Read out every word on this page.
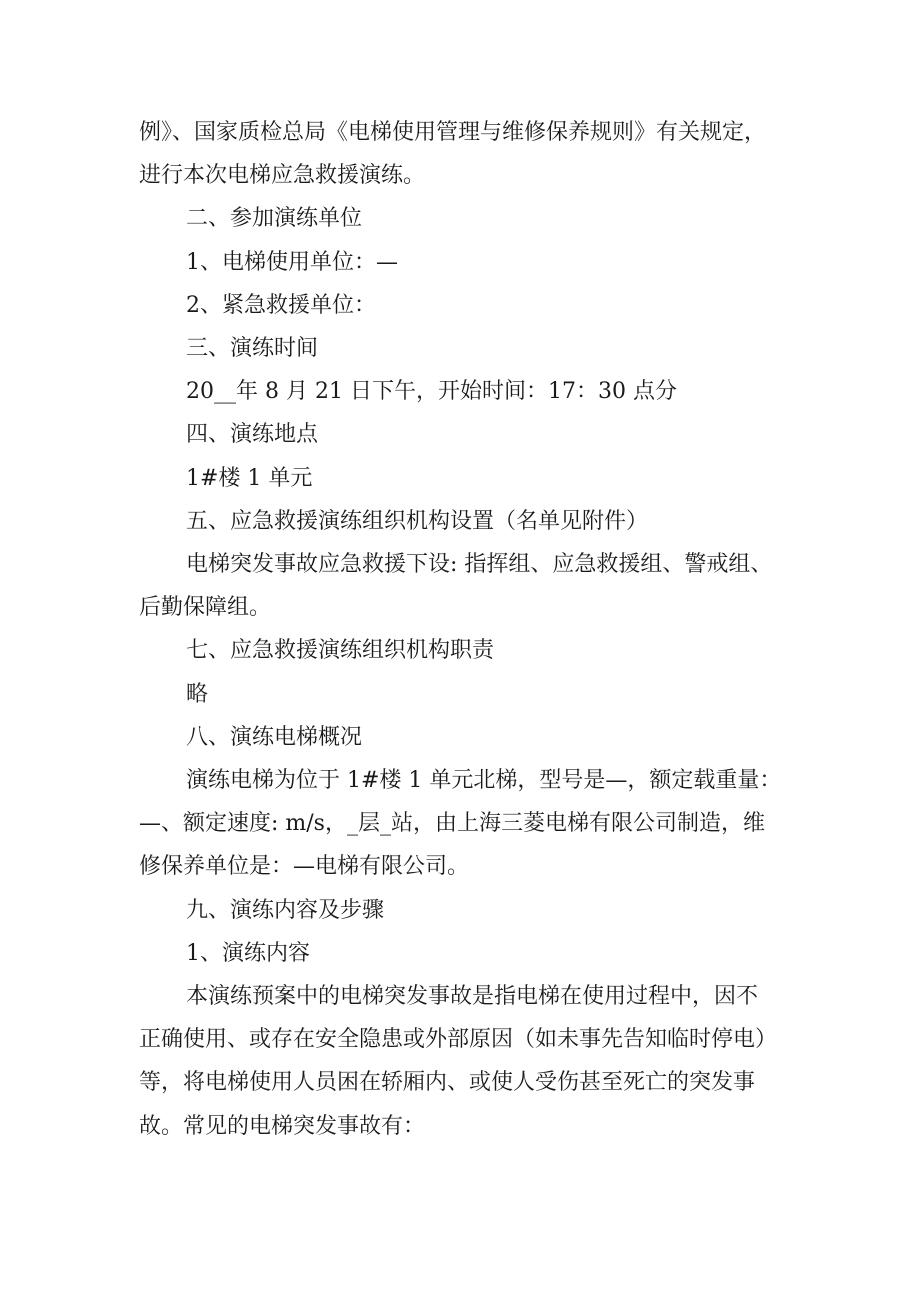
例》、国家质检总局《电梯使用管理与维修保养规则》有关规定，
进行本次电梯应急救援演练。
二、参加演练单位
1、电梯使用单位：—
2、紧急救援单位：
三、演练时间
20__年 8 月 21 日下午，开始时间：17：30 点分
四、演练地点
1#楼 1 单元
五、应急救援演练组织机构设置（名单见附件）
电梯突发事故应急救援下设: 指挥组、应急救援组、警戒组、
后勤保障组。
七、应急救援演练组织机构职责
略
八、演练电梯概况
演练电梯为位于 1#楼 1 单元北梯，型号是—，额定载重量：
—、额定速度: m/s，_层_站，由上海三菱电梯有限公司制造，维
修保养单位是：—电梯有限公司。
九、演练内容及步骤
1、演练内容
本演练预案中的电梯突发事故是指电梯在使用过程中，因不
正确使用、或存在安全隐患或外部原因（如未事先告知临时停电）
等，将电梯使用人员困在轿厢内、或使人受伤甚至死亡的突发事
故。常见的电梯突发事故有：
